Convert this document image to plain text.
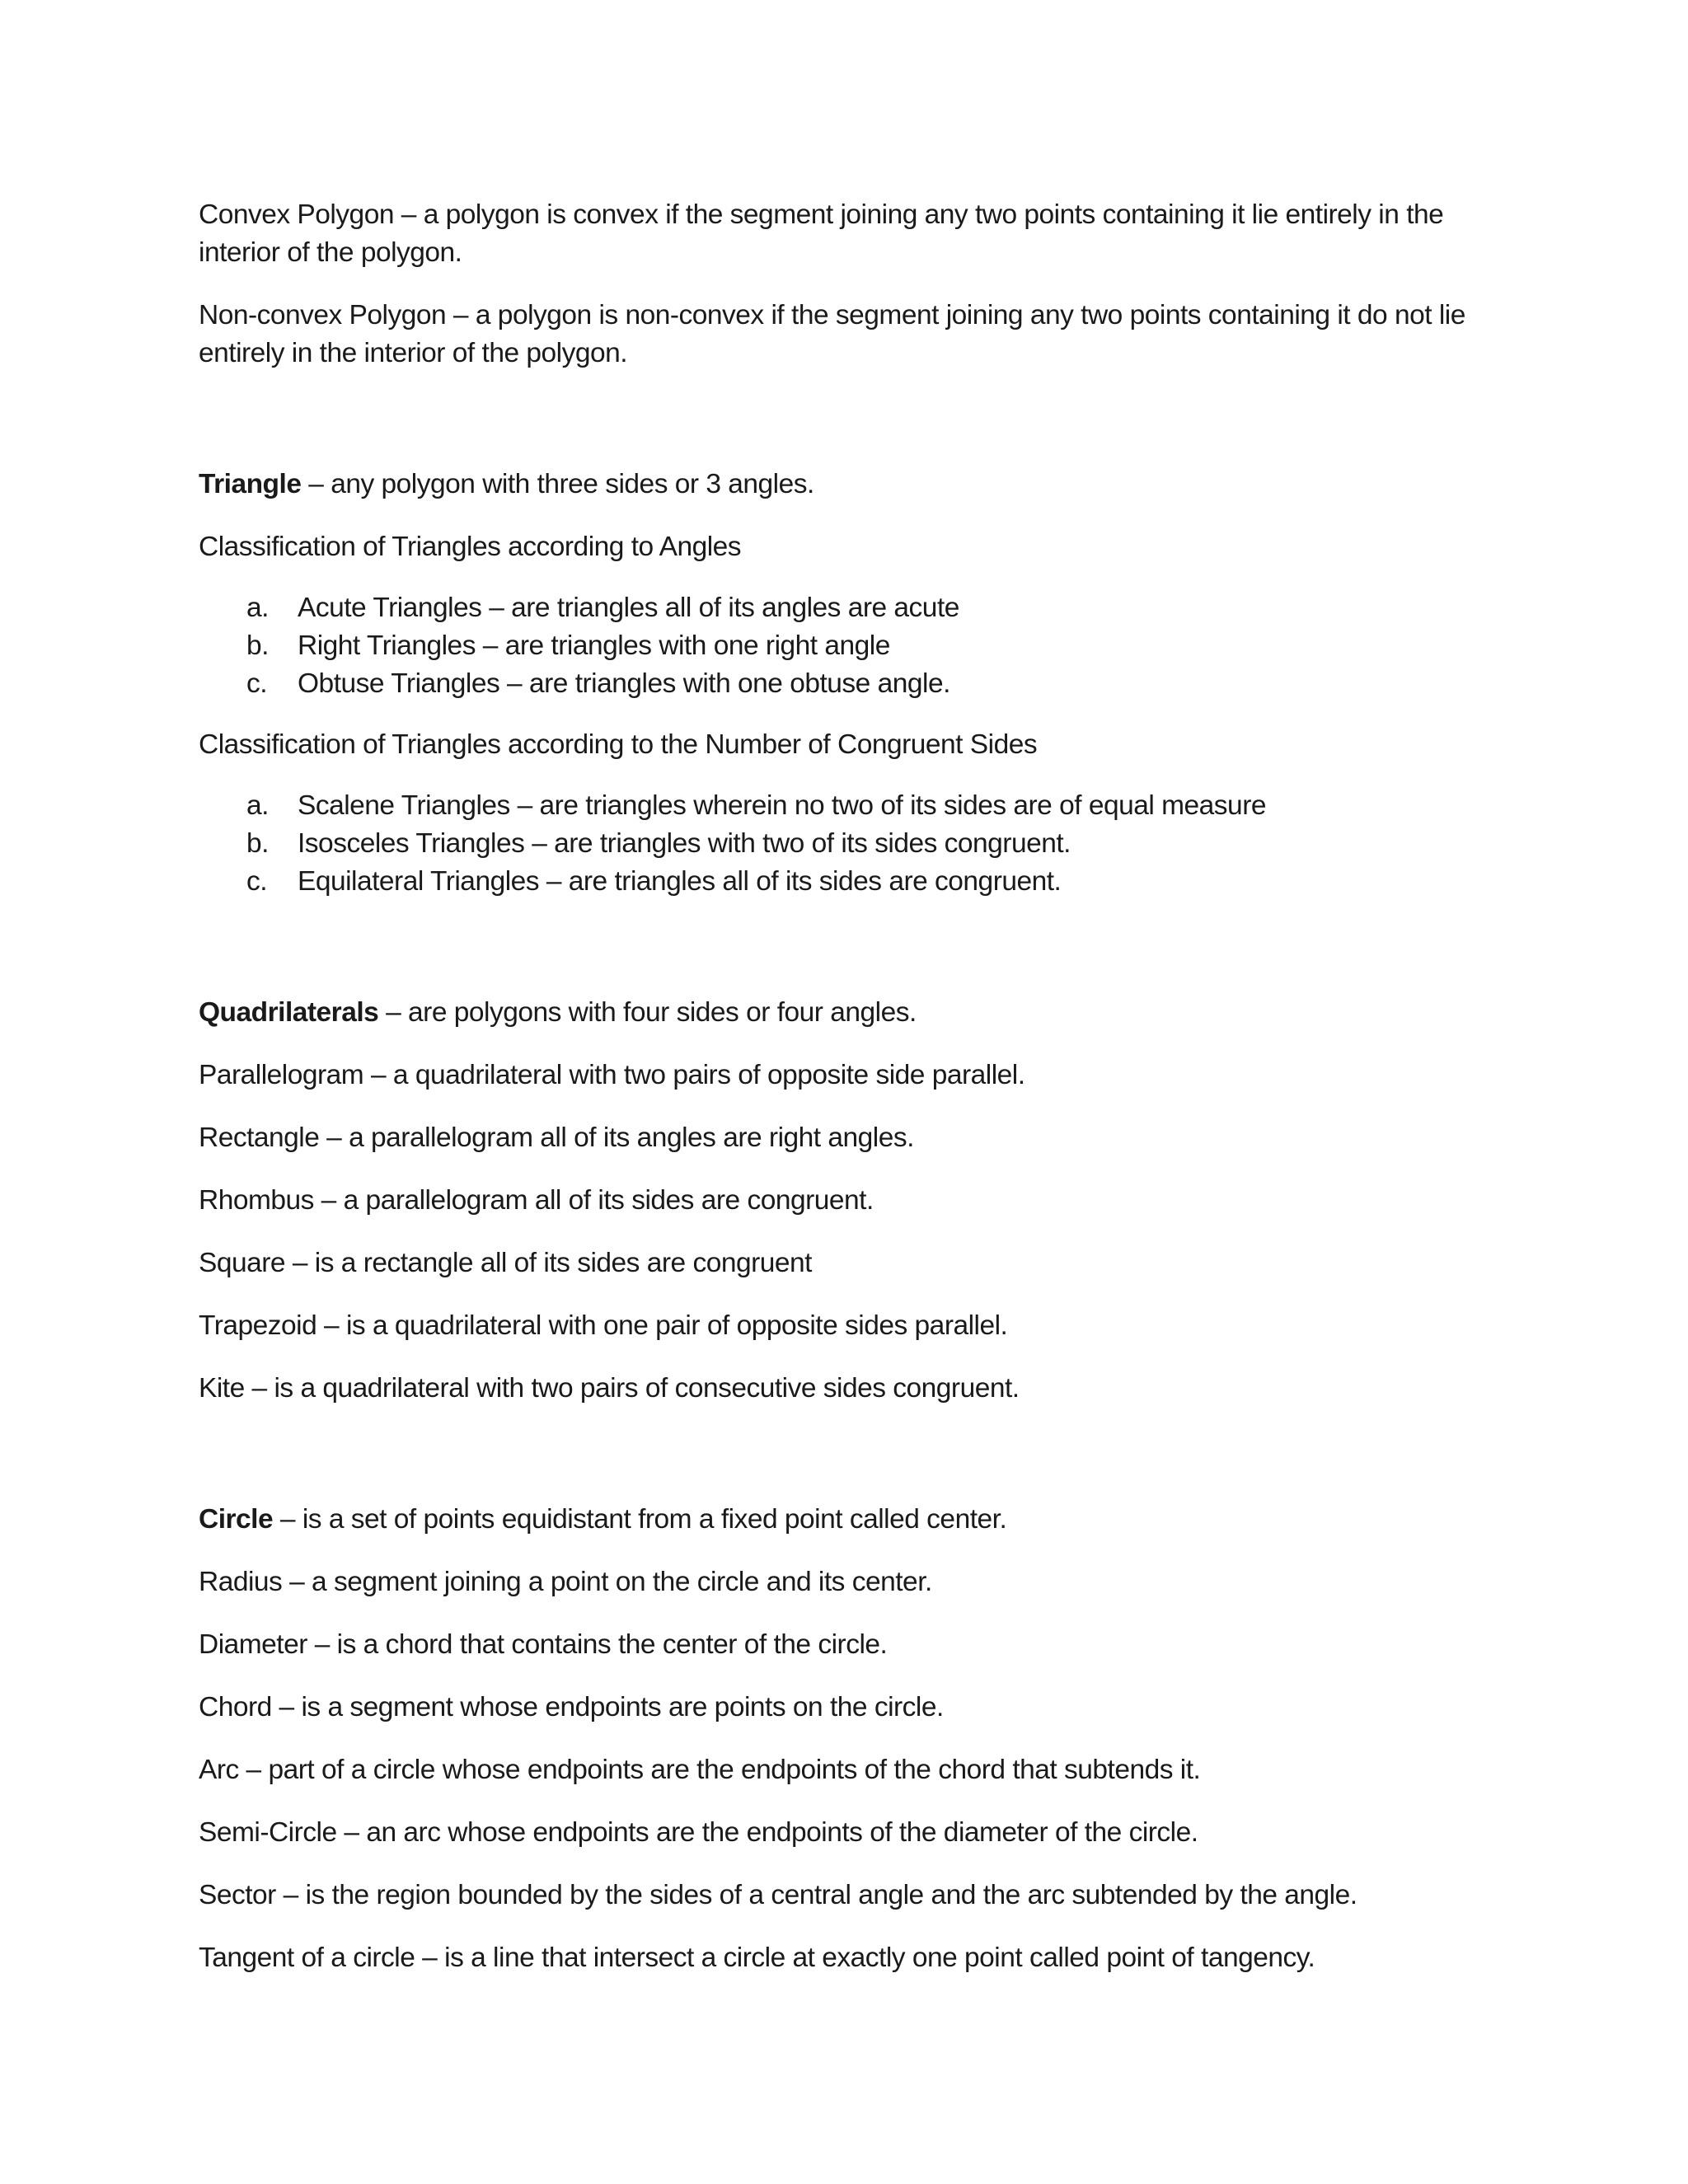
Convex Polygon – a polygon is convex if the segment joining any two points containing it lie entirely in the interior of the polygon.

Non-convex Polygon – a polygon is non-convex if the segment joining any two points containing it do not lie entirely in the interior of the polygon.

Triangle – any polygon with three sides or 3 angles.

Classification of Triangles according to Angles

a. Acute Triangles – are triangles all of its angles are acute
b. Right Triangles – are triangles with one right angle
c. Obtuse Triangles – are triangles with one obtuse angle.

Classification of Triangles according to the Number of Congruent Sides

a. Scalene Triangles – are triangles wherein no two of its sides are of equal measure
b. Isosceles Triangles – are triangles with two of its sides congruent.
c. Equilateral Triangles – are triangles all of its sides are congruent.

Quadrilaterals – are polygons with four sides or four angles.

Parallelogram – a quadrilateral with two pairs of opposite side parallel.

Rectangle – a parallelogram all of its angles are right angles.

Rhombus – a parallelogram all of its sides are congruent.

Square – is a rectangle all of its sides are congruent

Trapezoid – is a quadrilateral with one pair of opposite sides parallel.

Kite – is a quadrilateral with two pairs of consecutive sides congruent.

Circle – is a set of points equidistant from a fixed point called center.

Radius – a segment joining a point on the circle and its center.

Diameter – is a chord that contains the center of the circle.

Chord – is a segment whose endpoints are points on the circle.

Arc – part of a circle whose endpoints are the endpoints of the chord that subtends it.

Semi-Circle – an arc whose endpoints are the endpoints of the diameter of the circle.

Sector – is the region bounded by the sides of a central angle and the arc subtended by the angle.

Tangent of a circle – is a line that intersect a circle at exactly one point called point of tangency.
